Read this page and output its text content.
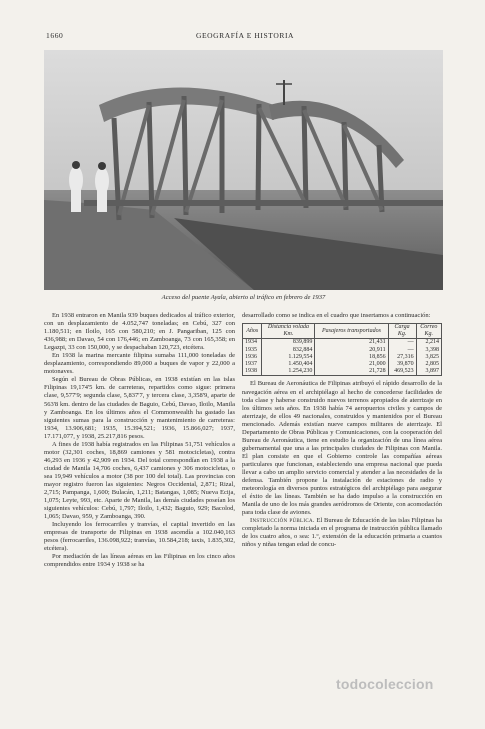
1660	GEOGRAFÍA E HISTORIA
Acceso del puente Ayala, abierto al tráfico en febrero de 1937

En 1938 entraron en Manila 939 buques dedicados al tráfico exterior, con un desplazamiento de 4.052,747 toneladas; en Cebú, 327 con 1.180,511; en Iloilo, 165 con 580,210; en J. Pangariban, 125 con 436,988; en Davao, 54 con 176,446; en Zamboanga, 73 con 165,358; en Legazpi, 33 con 150,000, y se despachaban 120,723, etcétera.

En 1938 la marina mercante filipina sumaba 111,000 toneladas de desplazamiento, correspondiendo 89,000 a buques de vapor y 22,000 a motonaves.

Según el Bureau de Obras Públicas, en 1938 existían en las islas Filipinas 19,174'5 km. de carreteras, repartidos como sigue: primera clase, 9,577'9; segunda clase, 5,837'7, y tercera clase, 3,358'9, aparte de 563'8 km. dentro de las ciudades de Baguio, Cebú, Davao, Iloilo, Manila y Zamboanga. En los últimos años el Commonwealth ha gastado las siguientes sumas para la construcción y mantenimiento de carreteras: 1934, 13.906,681; 1935, 15.394,521; 1936, 15.866,027; 1937, 17.171,077, y 1938, 25.217,816 pesos.

A fines de 1938 había registrados en las Filipinas 51,751 vehículos a motor (32,301 coches, 18,869 camiones y 581 motocicletas), contra 46,293 en 1936 y 42,909 en 1934. Del total correspondían en 1938 a la ciudad de Manila 14,706 coches, 6,437 camiones y 306 motocicletas, o sea 19,949 vehículos a motor (38 por 100 del total). Las provincias con mayor registro fueron las siguientes: Negros Occidental, 2,871; Rizal, 2,715; Pampanga, 1,600; Bulacán, 1,211; Batangas, 1,085; Nueva Ecija, 1,075; Leyte, 993, etc. Aparte de Manila, las demás ciudades poseían los siguientes vehículos: Cebú, 1,797; Iloilo, 1,432; Baguio, 929; Bacolod, 1,065; Davao, 959, y Zamboanga, 390.

Incluyendo los ferrocarriles y tranvías, el capital invertido en las empresas de transporte de Filipinas en 1938 ascendía a 102.040,163 pesos (ferrocarriles, 136.098,922; tranvías, 10.584,218; taxis, 1.835,302, etcétera).

Por mediación de las líneas aéreas en las Filipinas en los cinco años comprendidos entre 1934 y 1938 se ha

desarrollado como se indica en el cuadro que insertamos a continuación:

Años	Distancia volada	Pasajeros transportados	Carga	Correo
	Km.		Kg.	Kg.
1934	839,899	21,431	—	2,214
1935	832,884	20,911	—	3,398
1936	1.129,554	18,856	27,316	3,825
1937	1.450,404	21,000	39,870	2,805
1938	1.254,230	21,728	469,523	3,897

El Bureau de Aeronáutica de Filipinas atribuyó el rápido desarrollo de la navegación aérea en el archipiélago al hecho de concederse facilidades de toda clase y haberse construido nuevos terrenos apropiados de aterrizaje en los últimos seis años. En 1938 había 74 aeropuertos civiles y campos de aterrizaje, de ellos 49 nacionales, construidos y mantenidos por el Bureau mencionado. Además existían nueve campos militares de aterrizaje. El Departamento de Obras Públicas y Comunicaciones, con la cooperación del Bureau de Aeronáutica, tiene en estudio la organización de una línea aérea gubernamental que una a las principales ciudades de Filipinas con Manila. El plan consiste en que el Gobierno controle las compañías aéreas particulares que funcionan, estableciendo una empresa nacional que pueda llevar a cabo un amplio servicio comercial y atender a las necesidades de la defensa. También propone la instalación de estaciones de radio y meteorología en diversos puntos estratégicos del archipiélago para asegurar el éxito de las líneas. También se ha dado impulso a la construcción en Manila de uno de los más grandes aeródromos de Oriente, con acomodación para toda clase de aviones.

Instrucción pública. El Bureau de Educación de las islas Filipinas ha completado la norma iniciada en el programa de instrucción pública llamado de los cuatro años, o sea: 1.º, extensión de la educación primaria a cuantos niños y niñas tengan edad de concu-

todocoleccion
